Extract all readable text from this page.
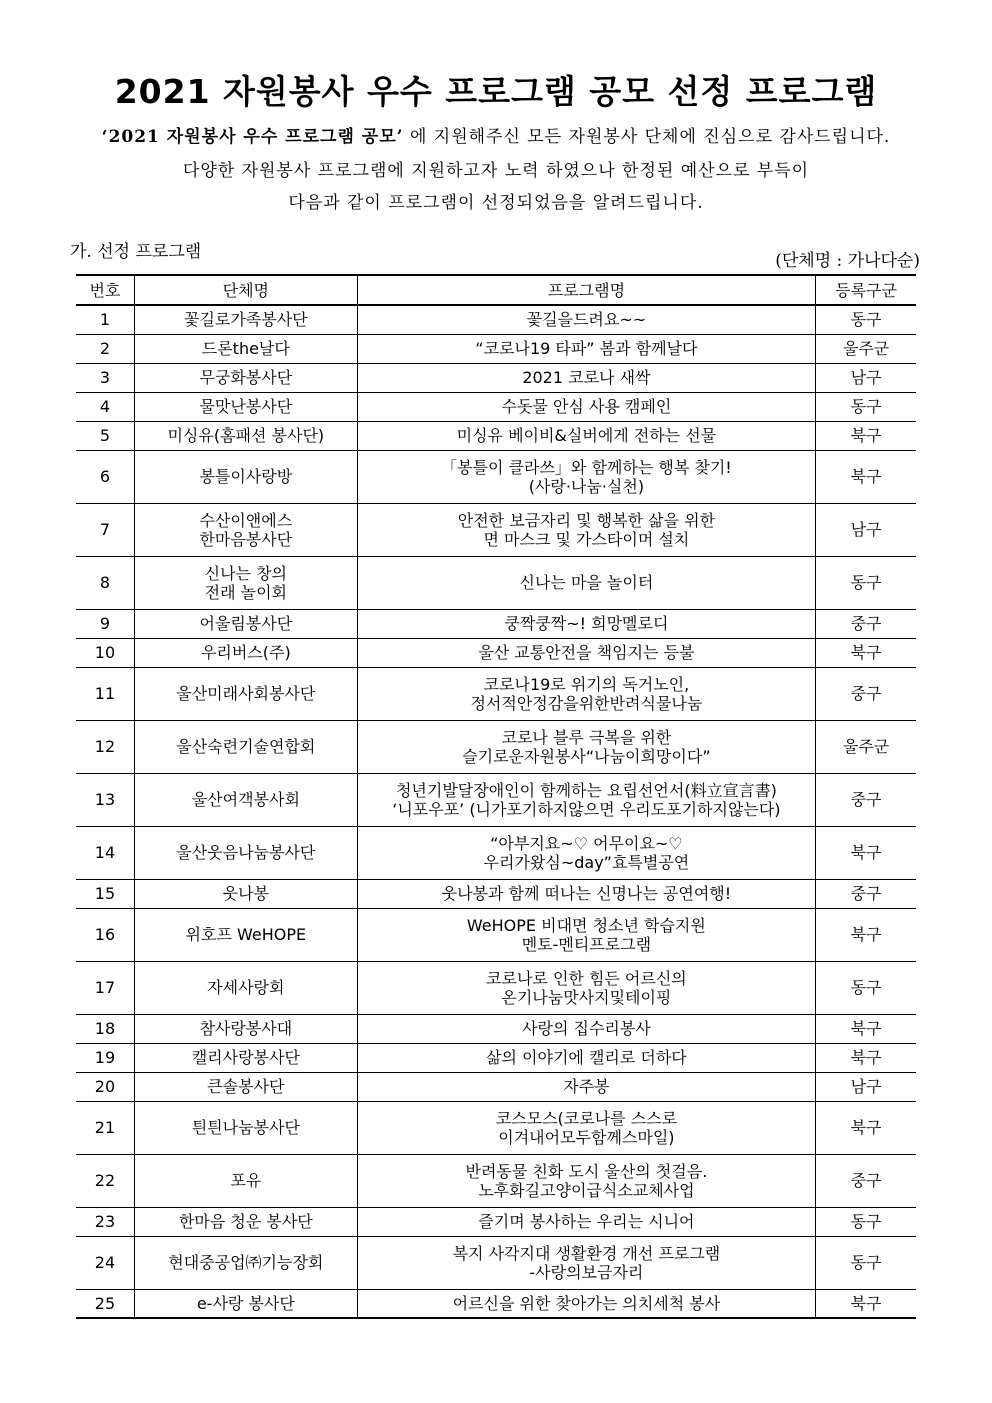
2021 자원봉사 우수 프로그램 공모 선정 프로그램
‘2021 자원봉사 우수 프로그램 공모’ 에 지원해주신 모든 자원봉사 단체에 진심으로 감사드립니다.
다양한 자원봉사 프로그램에 지원하고자 노력 하였으나 한정된 예산으로 부득이
다음과 같이 프로그램이 선정되었음을 알려드립니다.
가. 선정 프로그램	(단체명 : 가나다순)
번호	단체명	프로그램명	등록구군
1	꽃길로가족봉사단	꽃길을드려요~~	동구
2	드론the날다	“코로나19 타파” 봄과 함께날다	울주군
3	무궁화봉사단	2021 코로나 새싹	남구
4	물맛난봉사단	수돗물 안심 사용 캠페인	동구
5	미싱유(홈패션 봉사단)	미싱유 베이비&실버에게 전하는 선물	북구
6	봉틀이사랑방	「봉틀이 클라쓰」와 함께하는 행복 찾기!
(사랑·나눔·실천)	북구
7	수산이앤에스
한마음봉사단	안전한 보금자리 및 행복한 삶을 위한
면 마스크 및 가스타이머 설치	남구
8	신나는 창의
전래 놀이회	신나는 마을 놀이터	동구
9	어울림봉사단	쿵짝쿵짝~! 희망멜로디	중구
10	우리버스(주)	울산 교통안전을 책임지는 등불	북구
11	울산미래사회봉사단	코로나19로 위기의 독거노인,
정서적안정감을위한반려식물나눔	중구
12	울산숙련기술연합회	코로나 블루 극복을 위한
슬기로운자원봉사“나눔이희망이다”	울주군
13	울산여객봉사회	청년기발달장애인이 함께하는 요립선언서(料立宣言書)
‘니포우포’ (니가포기하지않으면 우리도포기하지않는다)	중구
14	울산웃음나눔봉사단	“아부지요~♡ 어무이요~♡
우리가왔심~day”효특별공연	북구
15	웃나봉	웃나봉과 함께 떠나는 신명나는 공연여행!	중구
16	위호프 WeHOPE	WeHOPE 비대면 청소년 학습지원
멘토-멘티프로그램	북구
17	자세사랑회	코로나로 인한 힘든 어르신의
온기나눔맛사지및테이핑	동구
18	참사랑봉사대	사랑의 집수리봉사	북구
19	캘리사랑봉사단	삶의 이야기에 캘리로 더하다	북구
20	큰솔봉사단	자주봉	남구
21	틘틘나눔봉사단	코스모스(코로나를 스스로
이겨내어모두함께스마일)	북구
22	포유	반려동물 친화 도시 울산의 첫걸음.
노후화길고양이급식소교체사업	중구
23	한마음 청운 봉사단	즐기며 봉사하는 우리는 시니어	동구
24	현대중공업㈜기능장회	복지 사각지대 생활환경 개선 프로그램
-사랑의보금자리	동구
25	e-사랑 봉사단	어르신을 위한 찾아가는 의치세척 봉사	북구
